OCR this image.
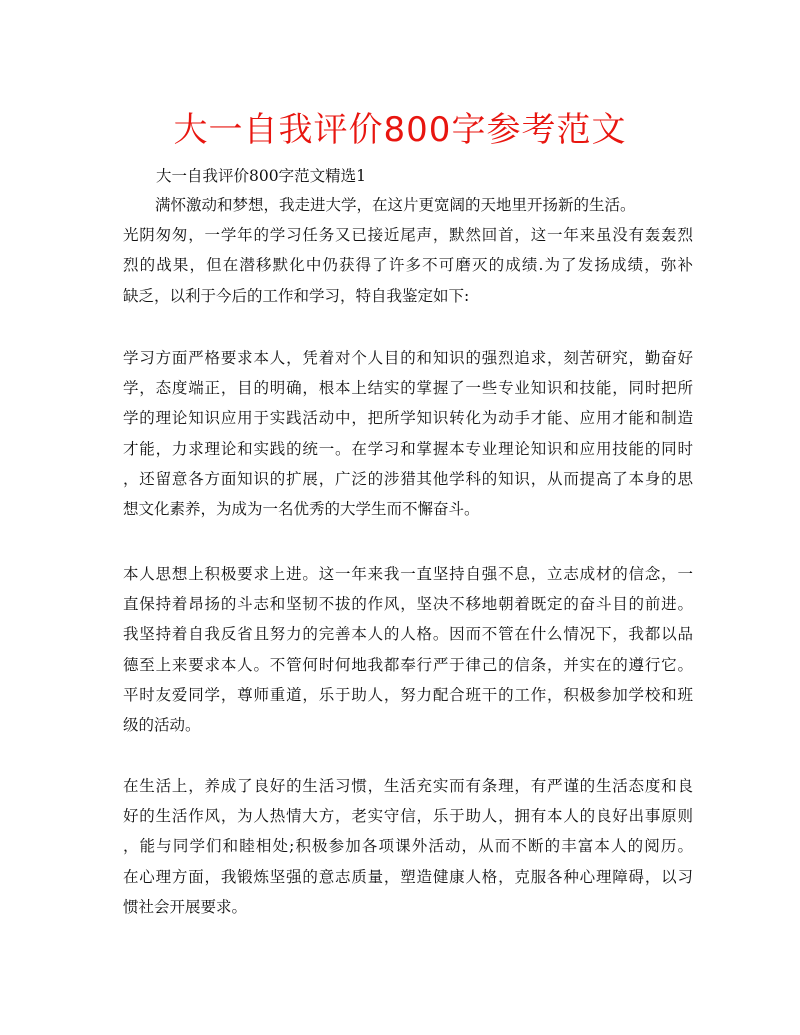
大一自我评价800字参考范文
大一自我评价800字范文精选1
满怀激动和梦想，我走进大学，在这片更宽阔的天地里开扬新的生活。
光阴匆匆，一学年的学习任务又已接近尾声，默然回首，这一年来虽没有轰轰烈
烈的战果，但在潜移默化中仍获得了许多不可磨灭的成绩.为了发扬成绩，弥补
缺乏，以利于今后的工作和学习，特自我鉴定如下:
学习方面严格要求本人，凭着对个人目的和知识的强烈追求，刻苦研究，勤奋好
学，态度端正，目的明确，根本上结实的掌握了一些专业知识和技能，同时把所
学的理论知识应用于实践活动中，把所学知识转化为动手才能、应用才能和制造
才能，力求理论和实践的统一。在学习和掌握本专业理论知识和应用技能的同时
，还留意各方面知识的扩展，广泛的涉猎其他学科的知识，从而提高了本身的思
想文化素养，为成为一名优秀的大学生而不懈奋斗。
本人思想上积极要求上进。这一年来我一直坚持自强不息，立志成材的信念，一
直保持着昂扬的斗志和坚韧不拔的作风，坚决不移地朝着既定的奋斗目的前进。
我坚持着自我反省且努力的完善本人的人格。因而不管在什么情况下，我都以品
德至上来要求本人。不管何时何地我都奉行严于律己的信条，并实在的遵行它。
平时友爱同学，尊师重道，乐于助人，努力配合班干的工作，积极参加学校和班
级的活动。
在生活上，养成了良好的生活习惯，生活充实而有条理，有严谨的生活态度和良
好的生活作风，为人热情大方，老实守信，乐于助人，拥有本人的良好出事原则
，能与同学们和睦相处;积极参加各项课外活动，从而不断的丰富本人的阅历。
在心理方面，我锻炼坚强的意志质量，塑造健康人格，克服各种心理障碍，以习
惯社会开展要求。
